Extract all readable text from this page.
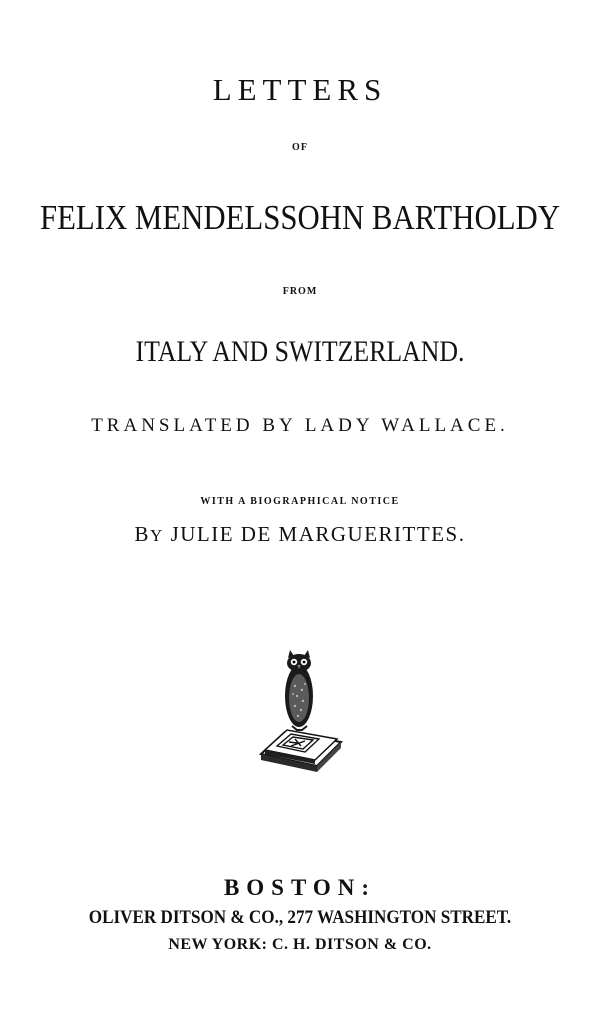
LETTERS
OF
FELIX MENDELSSOHN BARTHOLDY
FROM
ITALY AND SWITZERLAND.
TRANSLATED BY LADY WALLACE.
WITH A BIOGRAPHICAL NOTICE
BY JULIE DE MARGUERITTES.
BOSTON:
OLIVER DITSON & CO., 277 WASHINGTON STREET.
NEW YORK: C. H. DITSON & CO.
